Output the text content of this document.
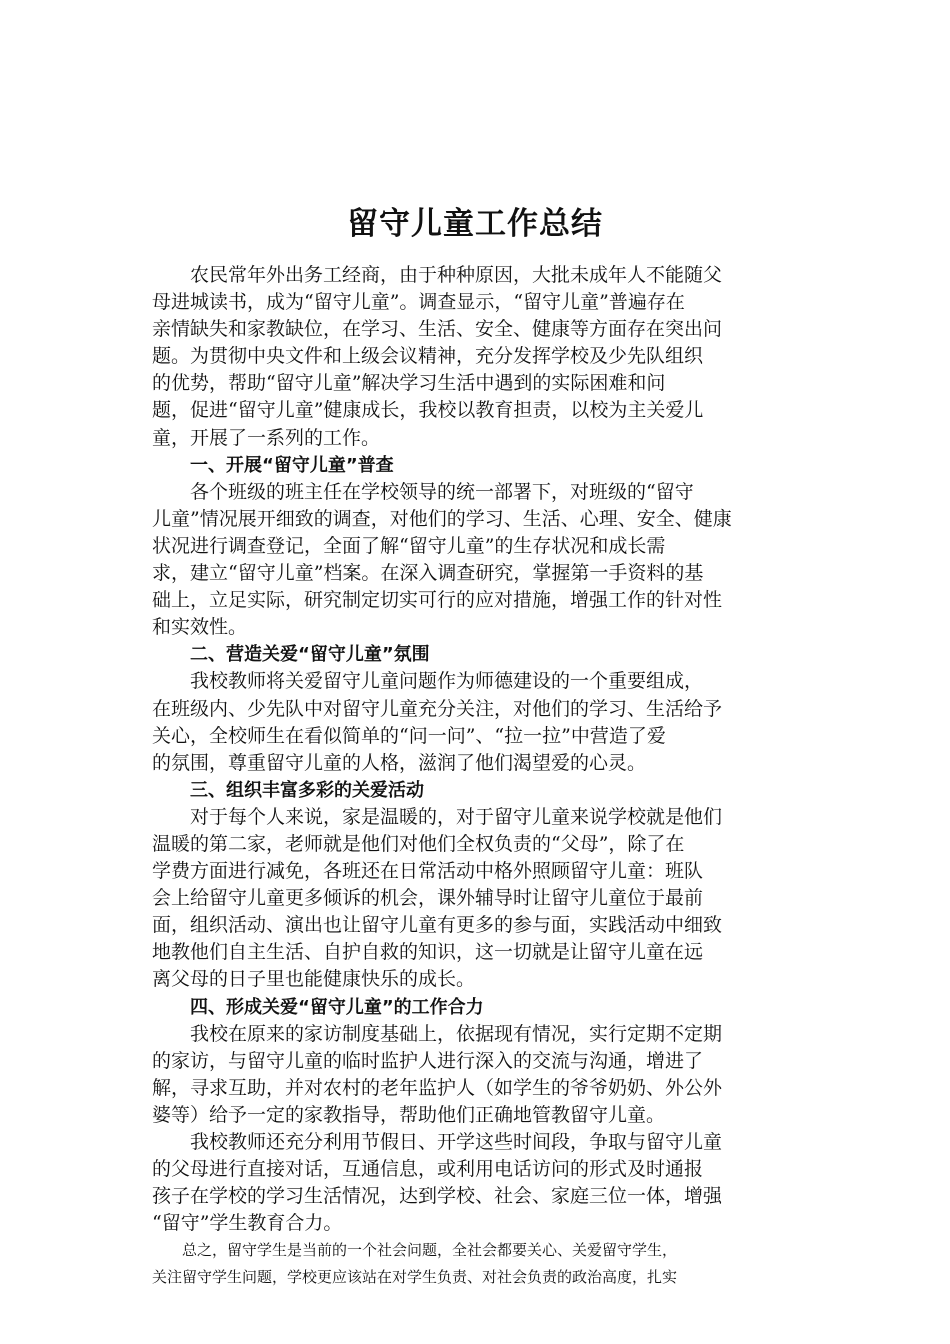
留守儿童工作总结
农民常年外出务工经商，由于种种原因，大批未成年人不能随父
母进城读书，成为“留守儿童”。调查显示，“留守儿童”普遍存在
亲情缺失和家教缺位，在学习、生活、安全、健康等方面存在突出问
题。为贯彻中央文件和上级会议精神，充分发挥学校及少先队组织
的优势，帮助“留守儿童”解决学习生活中遇到的实际困难和问
题，促进“留守儿童”健康成长，我校以教育担责，以校为主关爱儿
童，开展了一系列的工作。
一、开展“留守儿童”普查
各个班级的班主任在学校领导的统一部署下，对班级的“留守
儿童”情况展开细致的调查，对他们的学习、生活、心理、安全、健康
状况进行调查登记，全面了解“留守儿童”的生存状况和成长需
求，建立“留守儿童”档案。在深入调查研究，掌握第一手资料的基
础上，立足实际，研究制定切实可行的应对措施，增强工作的针对性
和实效性。
二、营造关爱“留守儿童”氛围
我校教师将关爱留守儿童问题作为师德建设的一个重要组成，
在班级内、少先队中对留守儿童充分关注，对他们的学习、生活给予
关心，全校师生在看似简单的“问一问”、“拉一拉”中营造了爱
的氛围，尊重留守儿童的人格，滋润了他们渴望爱的心灵。
三、组织丰富多彩的关爱活动
对于每个人来说，家是温暖的，对于留守儿童来说学校就是他们
温暖的第二家，老师就是他们对他们全权负责的“父母”，除了在
学费方面进行减免，各班还在日常活动中格外照顾留守儿童：班队
会上给留守儿童更多倾诉的机会，课外辅导时让留守儿童位于最前
面，组织活动、演出也让留守儿童有更多的参与面，实践活动中细致
地教他们自主生活、自护自救的知识，这一切就是让留守儿童在远
离父母的日子里也能健康快乐的成长。
四、形成关爱“留守儿童”的工作合力
我校在原来的家访制度基础上，依据现有情况，实行定期不定期
的家访，与留守儿童的临时监护人进行深入的交流与沟通，增进了
解，寻求互助，并对农村的老年监护人（如学生的爷爷奶奶、外公外
婆等）给予一定的家教指导，帮助他们正确地管教留守儿童。
我校教师还充分利用节假日、开学这些时间段，争取与留守儿童
的父母进行直接对话，互通信息，或利用电话访问的形式及时通报
孩子在学校的学习生活情况，达到学校、社会、家庭三位一体，增强
“留守”学生教育合力。
总之，留守学生是当前的一个社会问题，全社会都要关心、关爱留守学生，
关注留守学生问题，学校更应该站在对学生负责、对社会负责的政治高度，扎实
